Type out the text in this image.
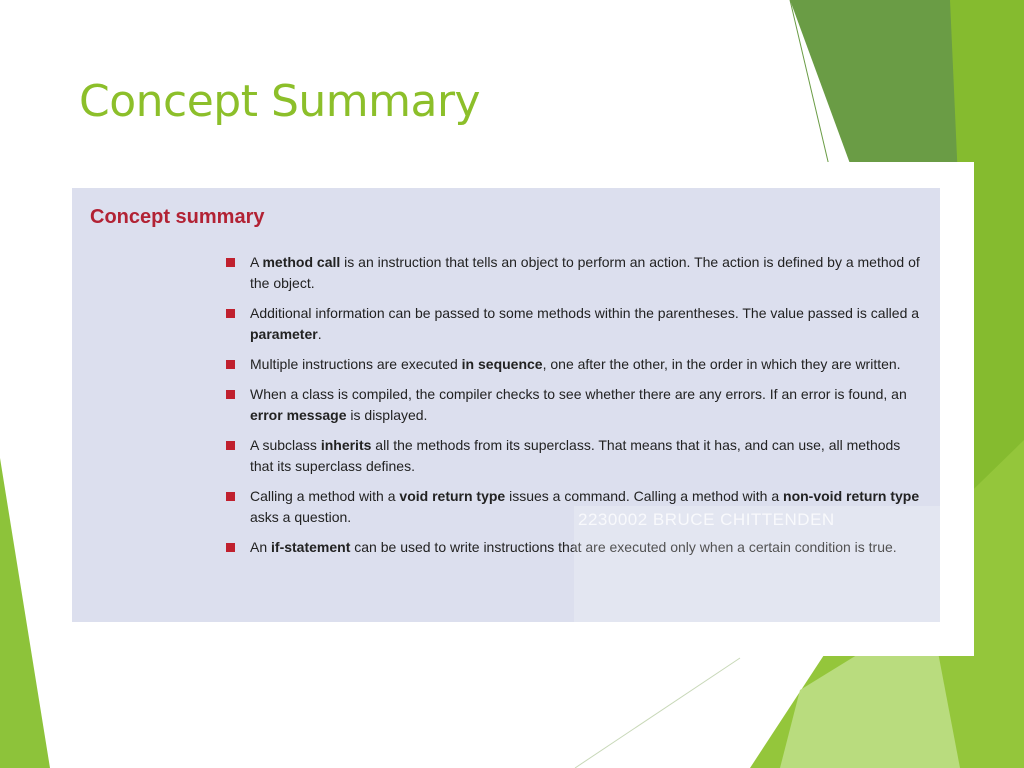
Concept Summary
Concept summary
A method call is an instruction that tells an object to perform an action. The action is defined by a method of the object.
Additional information can be passed to some methods within the parentheses. The value passed is called a parameter.
Multiple instructions are executed in sequence, one after the other, in the order in which they are written.
When a class is compiled, the compiler checks to see whether there are any errors. If an error is found, an error message is displayed.
A subclass inherits all the methods from its superclass. That means that it has, and can use, all methods that its superclass defines.
Calling a method with a void return type issues a command. Calling a method with a non-void return type asks a question.
An if-statement can be used to write instructions that are executed only when a certain condition is true.
2230002 BRUCE CHITTENDEN
